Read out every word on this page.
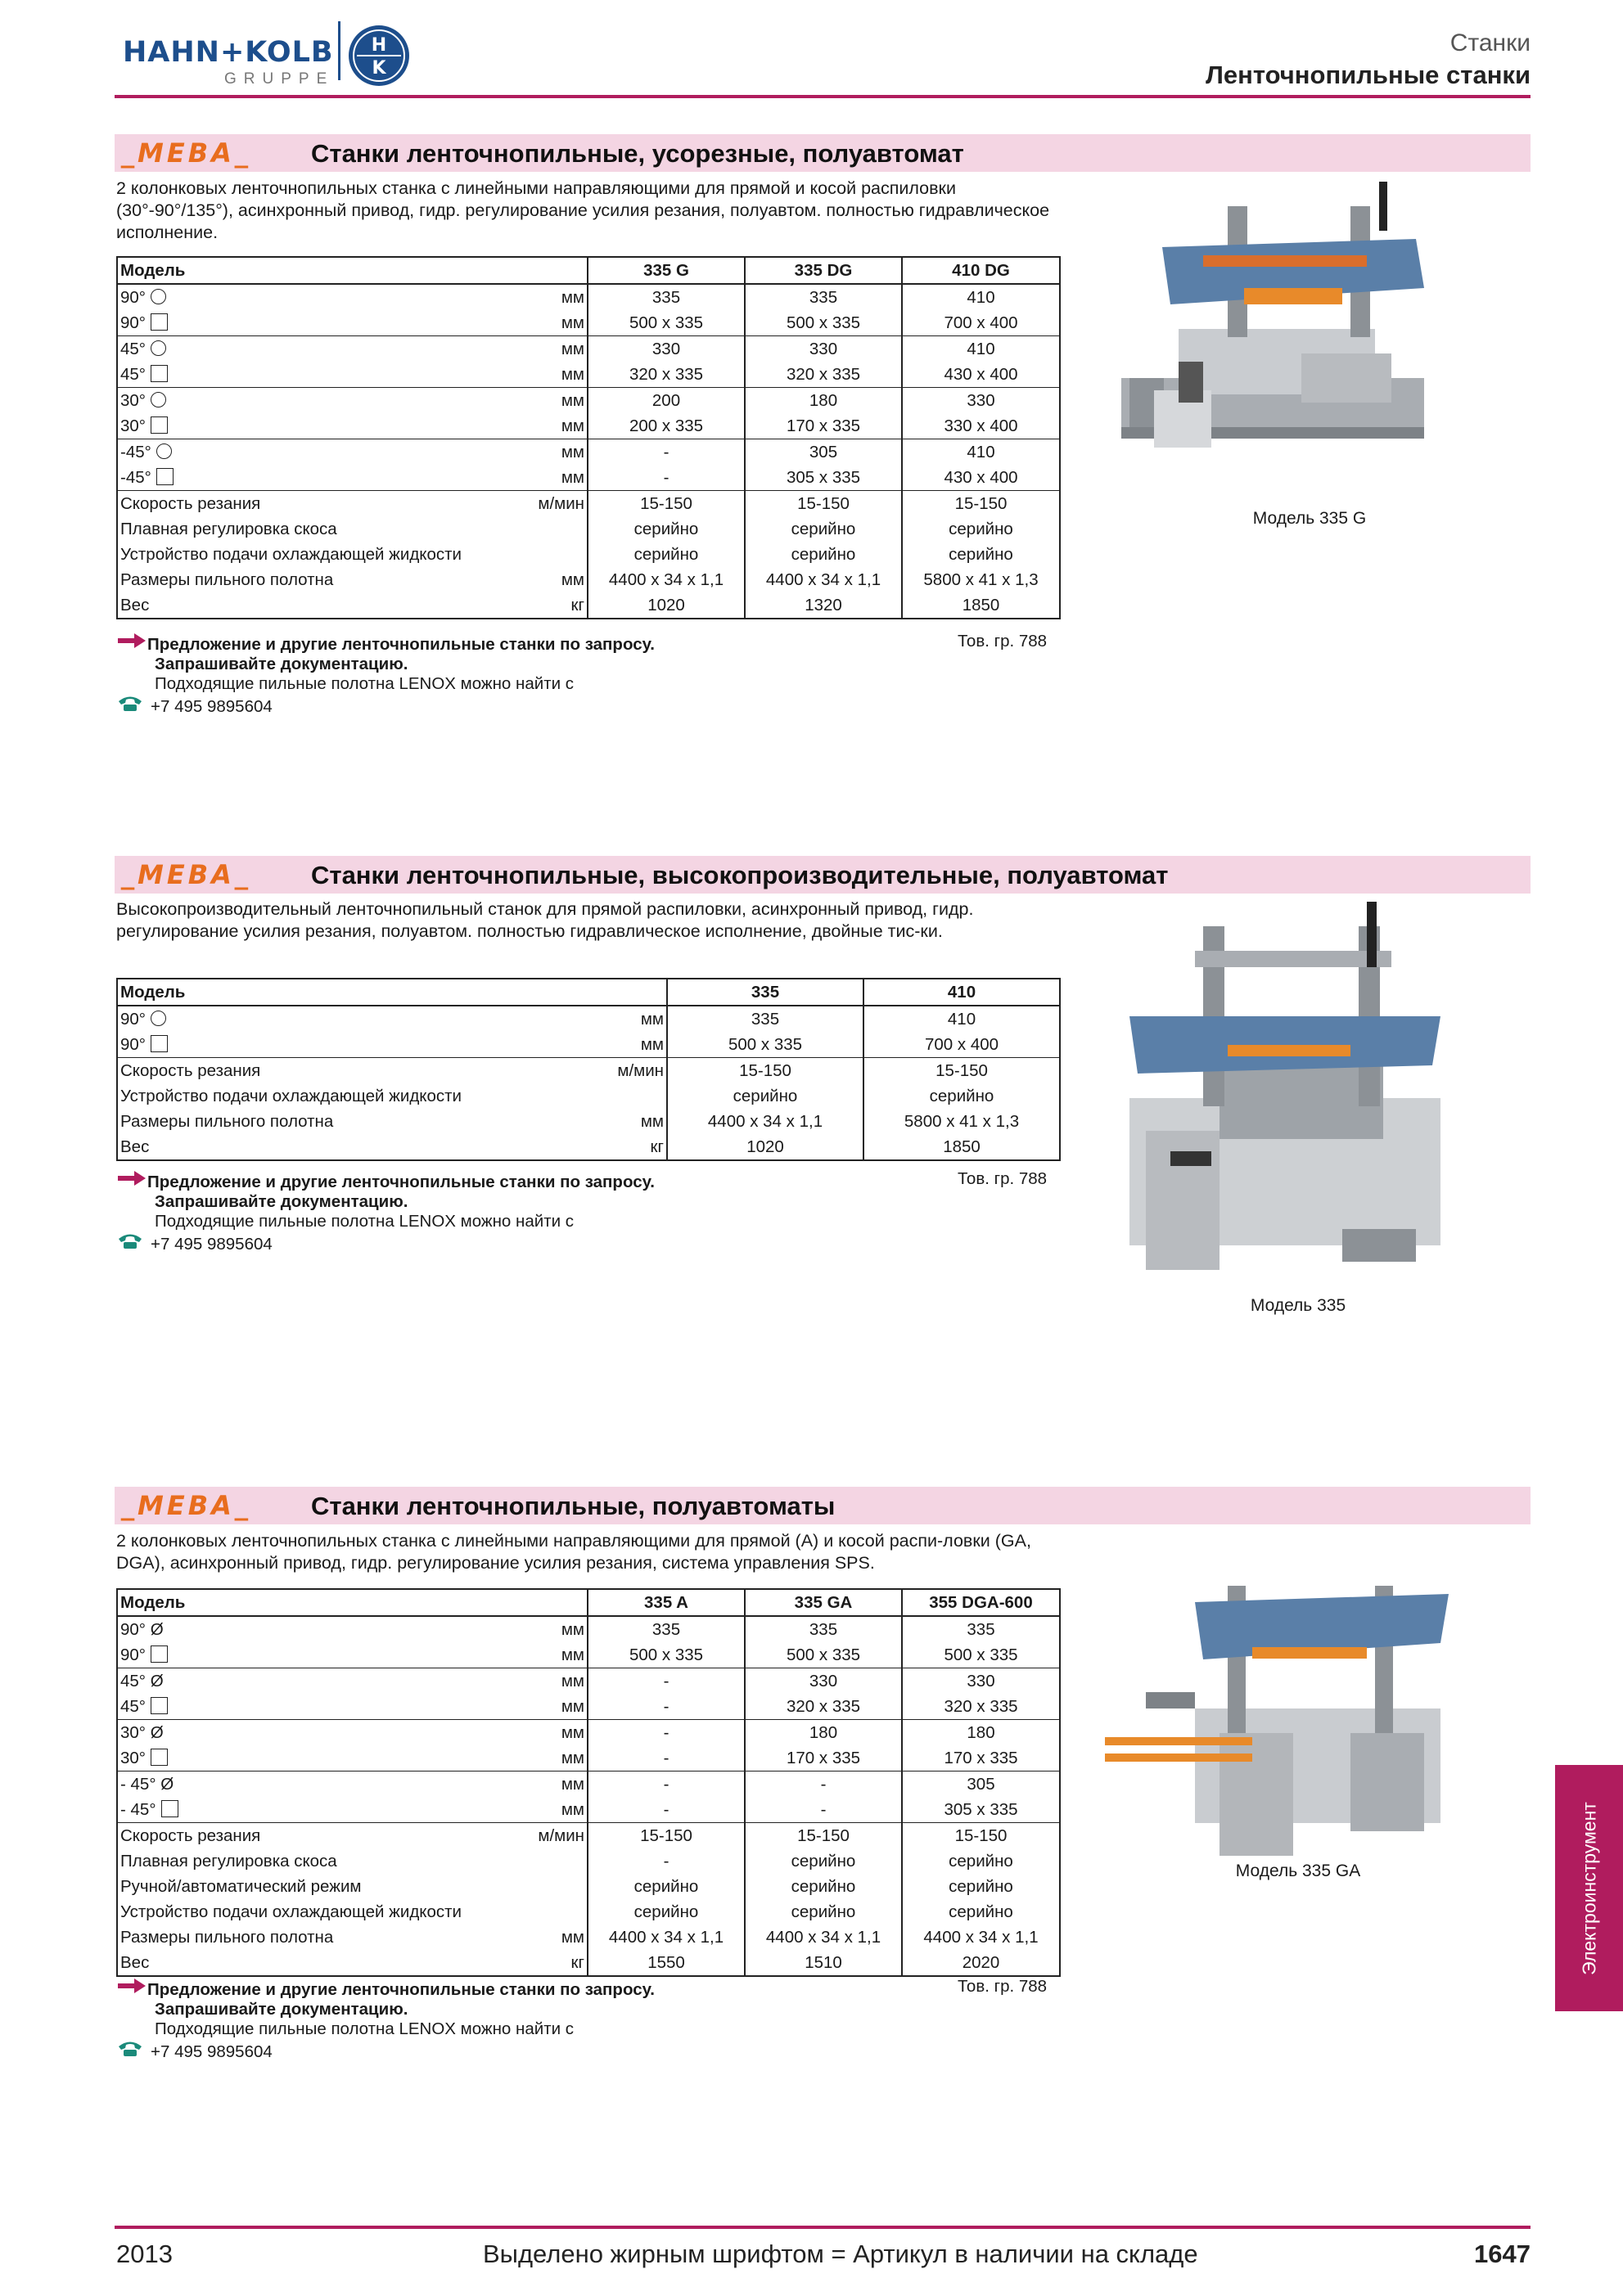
HAHN+KOLB
GRUPPE
H
K
Станки
Ленточнопильные станки
_MEBA_ Станки ленточнопильные, усорезные, полуавтомат
2 колонковых ленточнопильных станка с линейными направляющими для прямой и косой распиловки (30°-90°/135°), асинхронный привод, гидр. регулирование усилия резания, полуавтом. полностью гидравлическое исполнение.
Модель	335 G	335 DG	410 DG

90° мм	335	335	410

90° мм	500 x 335	500 x 335	700 x 400

45° мм	330	330	410

45° мм	320 x 335	320 x 335	430 x 400

30° мм	200	180	330

30° мм	200 x 335	170 x 335	330 x 400

-45° мм	-	305	410

-45° мм	-	305 x 335	430 x 400

Скорость резания м/мин	15-150	15-150	15-150

Плавная регулировка скоса	серийно	серийно	серийно

Устройство подачи охлаждающей жидкости	серийно	серийно	серийно

Размеры пильного полотна мм	4400 x 34 x 1,1	4400 x 34 x 1,1	5800 x 41 x 1,3

Вес кг	1020	1320	1850
Предложение и другие ленточнопильные станки по запросу.
Запрашивайте документацию.
Подходящие пильные полотна LENOX можно найти с
+7 495 9895604
Тов. гр. 788
Модель 335 G
_MEBA_ Станки ленточнопильные, высокопроизводительные, полуавтомат
Высокопроизводительный ленточнопильный станок для прямой распиловки, асинхронный привод, гидр. регулирование усилия резания, полуавтом. полностью гидравлическое исполнение, двойные тис-ки.
Модель	335	410

90° мм	335	410

90° мм	500 x 335	700 x 400

Скорость резания м/мин	15-150	15-150

Устройство подачи охлаждающей жидкости	серийно	серийно

Размеры пильного полотна мм	4400 x 34 x 1,1	5800 x 41 x 1,3

Вес кг	1020	1850
Предложение и другие ленточнопильные станки по запросу.
Запрашивайте документацию.
Подходящие пильные полотна LENOX можно найти с
+7 495 9895604
Тов. гр. 788
Модель 335
_MEBA_ Станки ленточнопильные, полуавтоматы
2 колонковых ленточнопильных станка с линейными направляющими для прямой (A) и косой распи-ловки (GA, DGA), асинхронный привод, гидр. регулирование усилия резания, система управления SPS.
Модель	335 A	335 GA	355 DGA-600

90° Ø мм	335	335	335

90° мм	500 x 335	500 x 335	500 x 335

45° Ø мм	-	330	330

45° мм	-	320 x 335	320 x 335

30° Ø мм	-	180	180

30° мм	-	170 x 335	170 x 335

- 45° Ø мм	-	-	305

- 45° мм	-	-	305 x 335

Скорость резания м/мин	15-150	15-150	15-150

Плавная регулировка скоса	-	серийно	серийно

Ручной/автоматический режим	серийно	серийно	серийно

Устройство подачи охлаждающей жидкости	серийно	серийно	серийно

Размеры пильного полотна мм	4400 x 34 x 1,1	4400 x 34 x 1,1	4400 x 34 x 1,1

Вес кг	1550	1510	2020
Предложение и другие ленточнопильные станки по запросу.
Запрашивайте документацию.
Подходящие пильные полотна LENOX можно найти с
+7 495 9895604
Тов. гр. 788
Модель 335 GA	Электроинструмент
2013	Выделено жирным шрифтом = Артикул в наличии на складе	1647
